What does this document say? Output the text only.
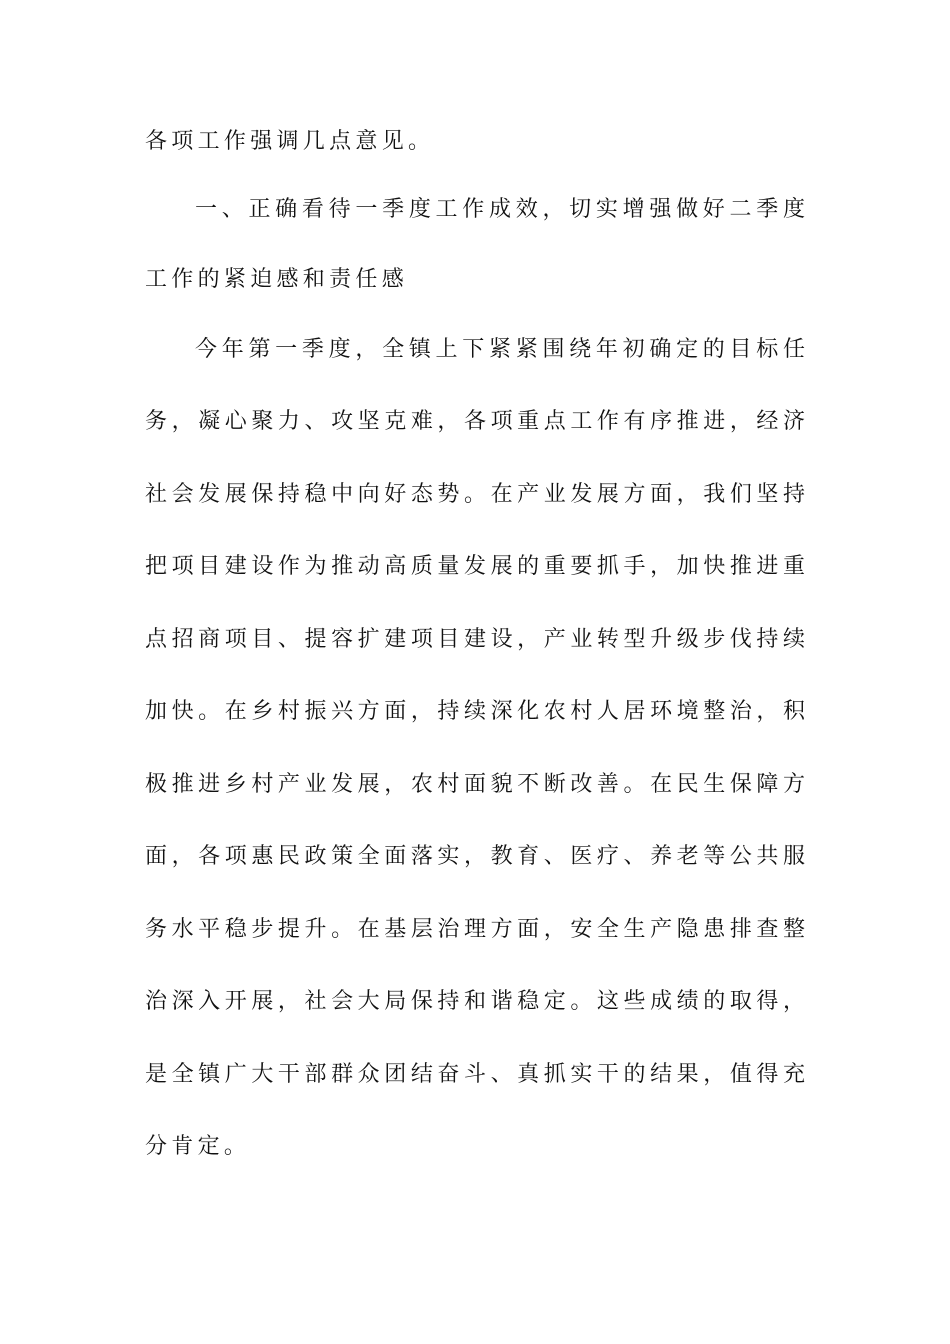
各项工作强调几点意见。
一、正确看待一季度工作成效，切实增强做好二季度
工作的紧迫感和责任感
今年第一季度，全镇上下紧紧围绕年初确定的目标任
务，凝心聚力、攻坚克难，各项重点工作有序推进，经济
社会发展保持稳中向好态势。在产业发展方面，我们坚持
把项目建设作为推动高质量发展的重要抓手，加快推进重
点招商项目、提容扩建项目建设，产业转型升级步伐持续
加快。在乡村振兴方面，持续深化农村人居环境整治，积
极推进乡村产业发展，农村面貌不断改善。在民生保障方
面，各项惠民政策全面落实，教育、医疗、养老等公共服
务水平稳步提升。在基层治理方面，安全生产隐患排查整
治深入开展，社会大局保持和谐稳定。这些成绩的取得，
是全镇广大干部群众团结奋斗、真抓实干的结果，值得充
分肯定。
